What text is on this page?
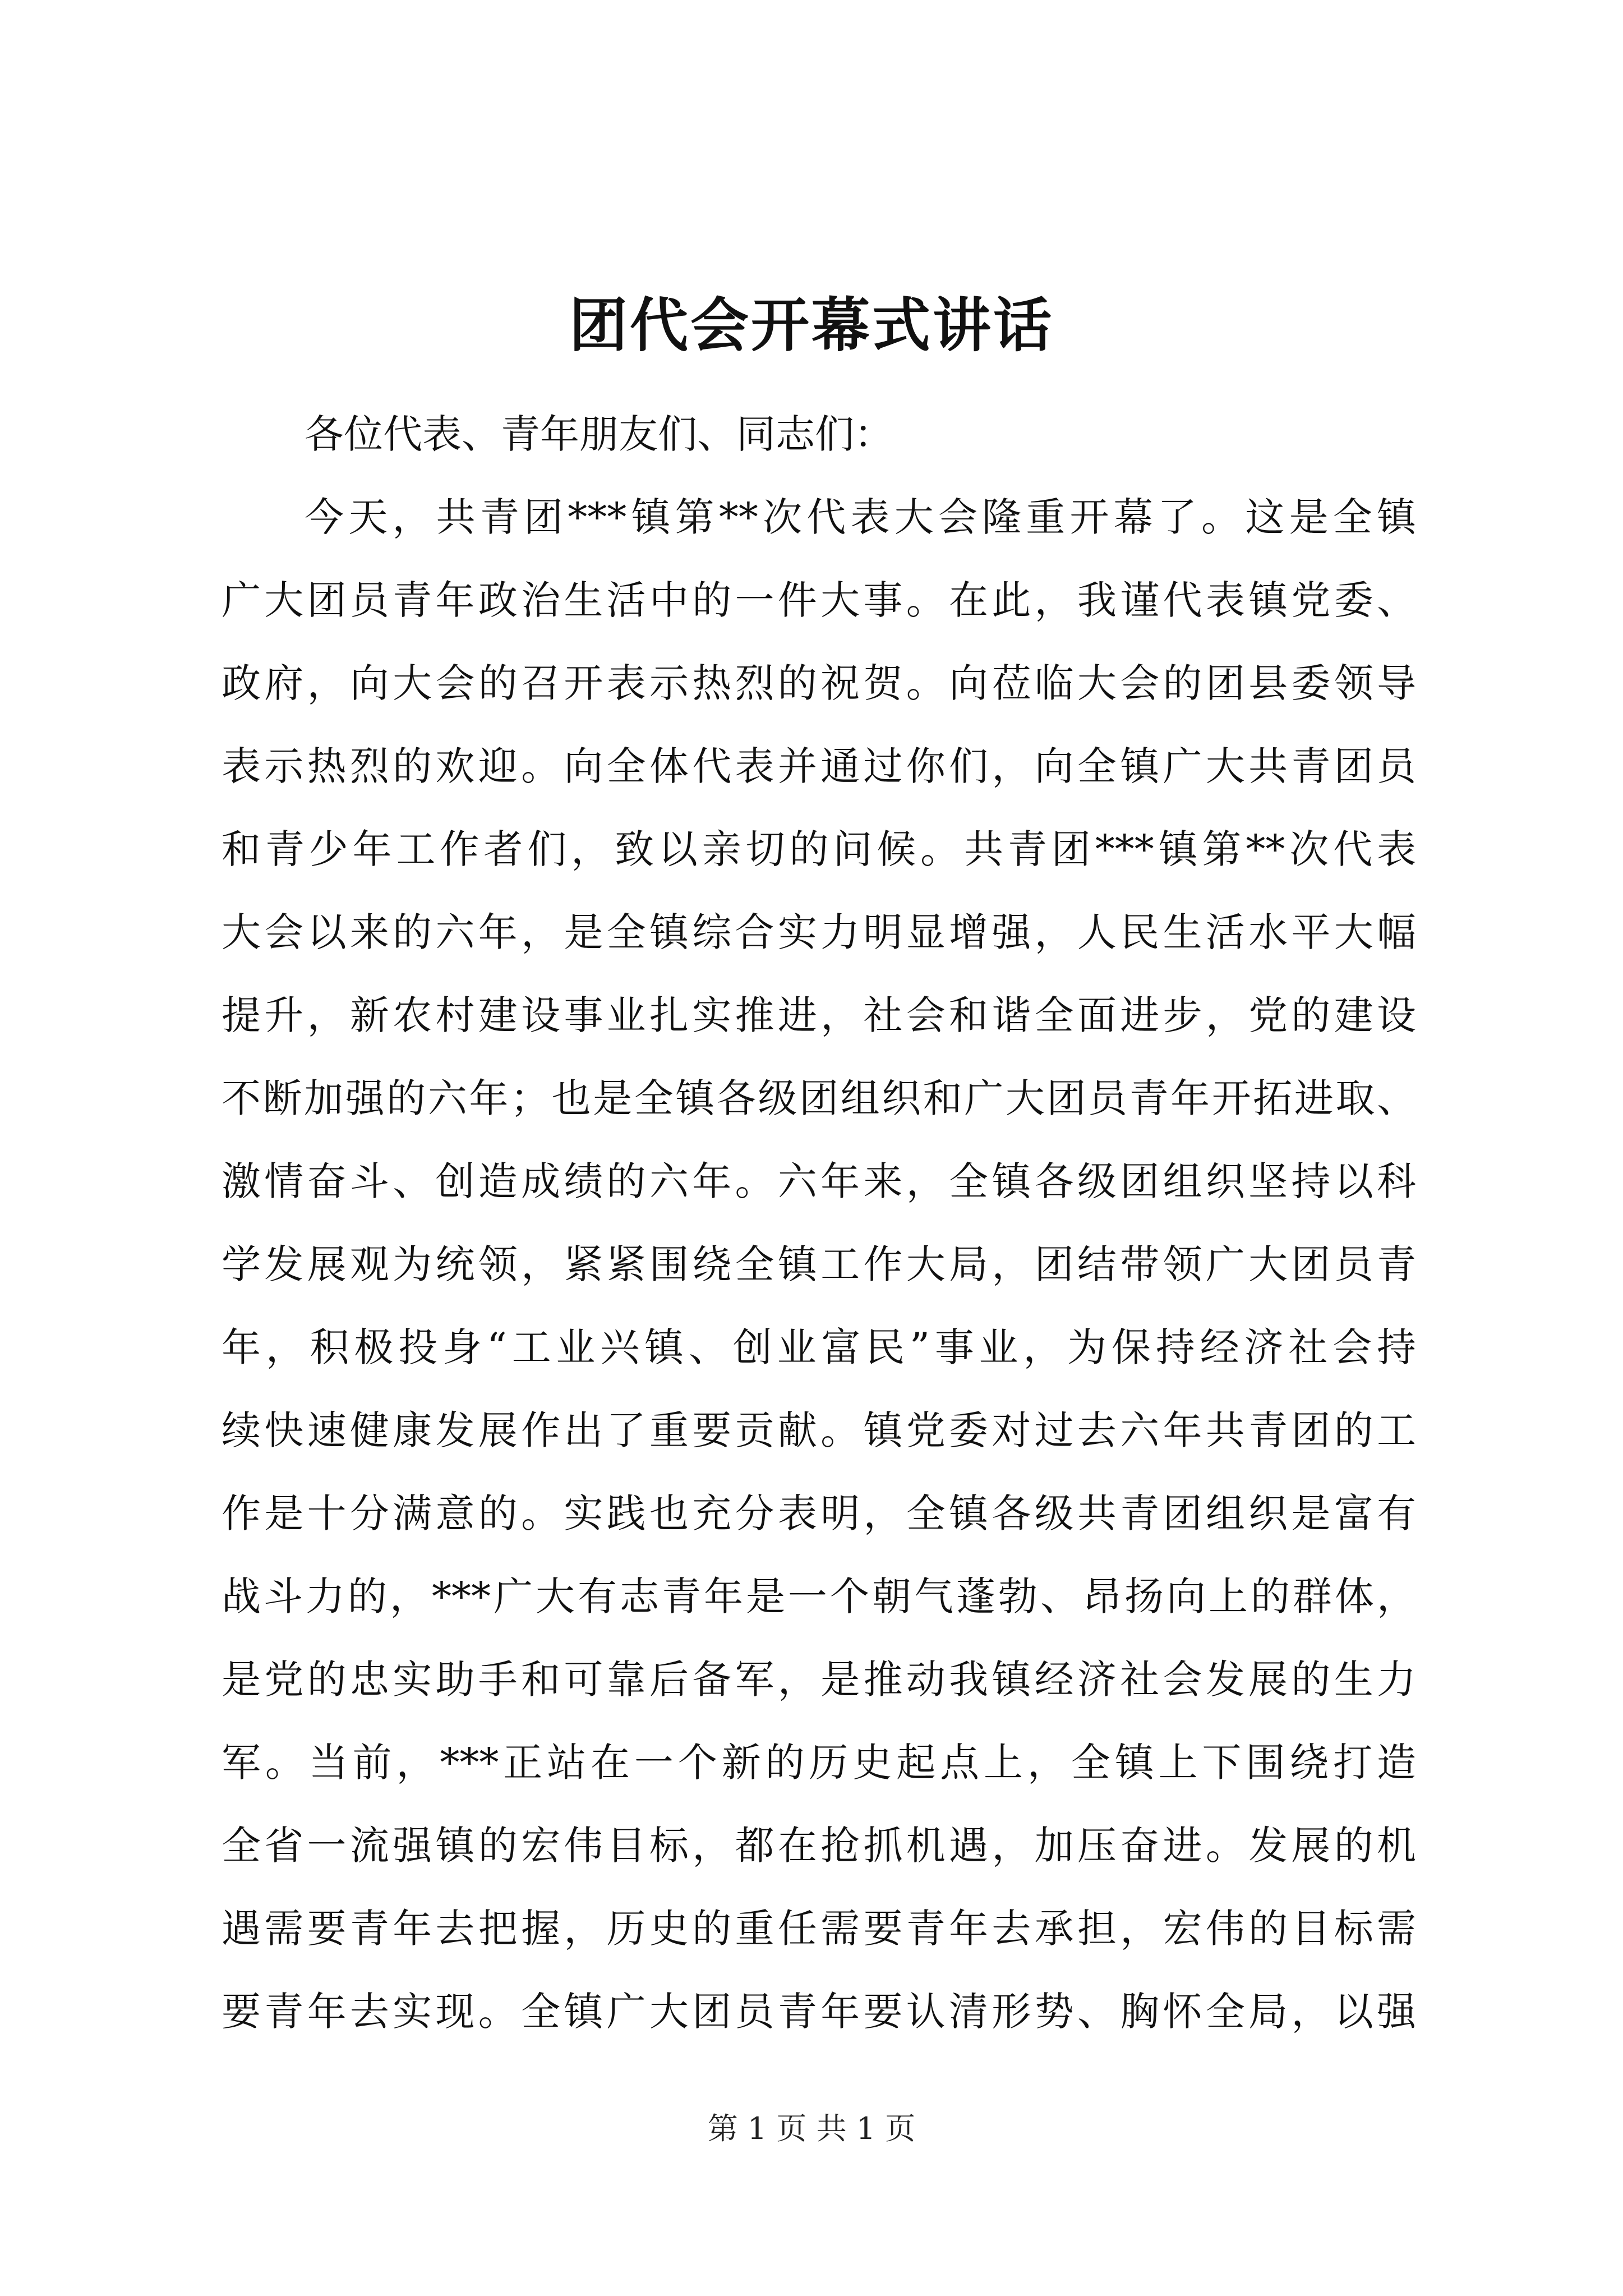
团代会开幕式讲话
各位代表、青年朋友们、同志们：
今天，共青团***镇第**次代表大会隆重开幕了。这是全镇
广大团员青年政治生活中的一件大事。在此，我谨代表镇党委、
政府，向大会的召开表示热烈的祝贺。向莅临大会的团县委领导
表示热烈的欢迎。向全体代表并通过你们，向全镇广大共青团员
和青少年工作者们，致以亲切的问候。共青团***镇第**次代表
大会以来的六年，是全镇综合实力明显增强，人民生活水平大幅
提升，新农村建设事业扎实推进，社会和谐全面进步，党的建设
不断加强的六年；也是全镇各级团组织和广大团员青年开拓进取、
激情奋斗、创造成绩的六年。六年来，全镇各级团组织坚持以科
学发展观为统领，紧紧围绕全镇工作大局，团结带领广大团员青
年，积极投身“工业兴镇、创业富民”事业，为保持经济社会持
续快速健康发展作出了重要贡献。镇党委对过去六年共青团的工
作是十分满意的。实践也充分表明，全镇各级共青团组织是富有
战斗力的，***广大有志青年是一个朝气蓬勃、昂扬向上的群体，
是党的忠实助手和可靠后备军，是推动我镇经济社会发展的生力
军。当前，***正站在一个新的历史起点上，全镇上下围绕打造
全省一流强镇的宏伟目标，都在抢抓机遇，加压奋进。发展的机
遇需要青年去把握，历史的重任需要青年去承担，宏伟的目标需
要青年去实现。全镇广大团员青年要认清形势、胸怀全局，以强
第 1 页 共 1 页
